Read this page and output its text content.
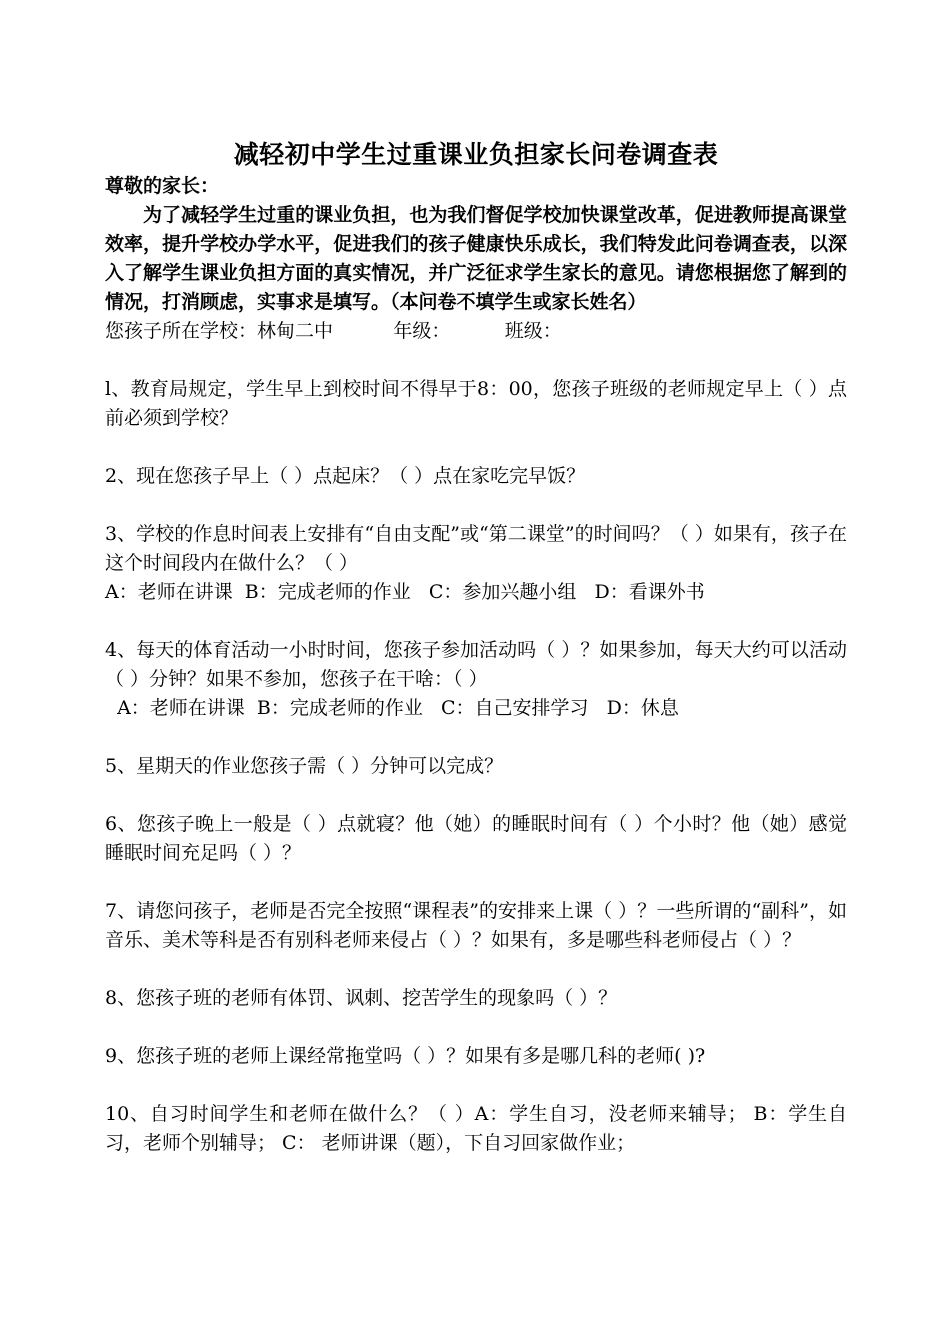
减轻初中学生过重课业负担家长问卷调查表

尊敬的家长：

为了减轻学生过重的课业负担，也为我们督促学校加快课堂改革，促进教师提高课堂效率，提升学校办学水平，促进我们的孩子健康快乐成长，我们特发此问卷调查表，以深入了解学生课业负担方面的真实情况，并广泛征求学生家长的意见。请您根据您了解到的情况，打消顾虑，实事求是填写。（本问卷不填学生或家长姓名）

您孩子所在学校：林甸二中          年级：         班级：

l、教育局规定，学生早上到校时间不得早于8：00，您孩子班级的老师规定早上（ ）点前必须到学校？

2、现在您孩子早上（ ）点起床？（ ）点在家吃完早饭？

3、学校的作息时间表上安排有“自由支配”或“第二课堂”的时间吗？（ ）如果有，孩子在这个时间段内在做什么？（ ）

A：老师在讲课  B：完成老师的作业   C：参加兴趣小组   D：看课外书

4、每天的体育活动一小时时间，您孩子参加活动吗（ ）？如果参加，每天大约可以活动（ ）分钟？如果不参加，您孩子在干啥：（ ）

A：老师在讲课  B：完成老师的作业   C：自己安排学习   D：休息

5、星期天的作业您孩子需（ ）分钟可以完成？

6、您孩子晚上一般是（ ）点就寝？他（她）的睡眠时间有（ ）个小时？他（她）感觉睡眠时间充足吗（ ）？

7、请您问孩子，老师是否完全按照“课程表”的安排来上课（ ）？一些所谓的“副科”，如音乐、美术等科是否有别科老师来侵占（ ）？如果有，多是哪些科老师侵占（ ）？

8、您孩子班的老师有体罚、讽刺、挖苦学生的现象吗（ ）？

9、您孩子班的老师上课经常拖堂吗（ ）？如果有多是哪几科的老师( )?

10、自习时间学生和老师在做什么？（ ）A：学生自习，没老师来辅导； B：学生自习，老师个别辅导； C： 老师讲课（题），下自习回家做作业；
